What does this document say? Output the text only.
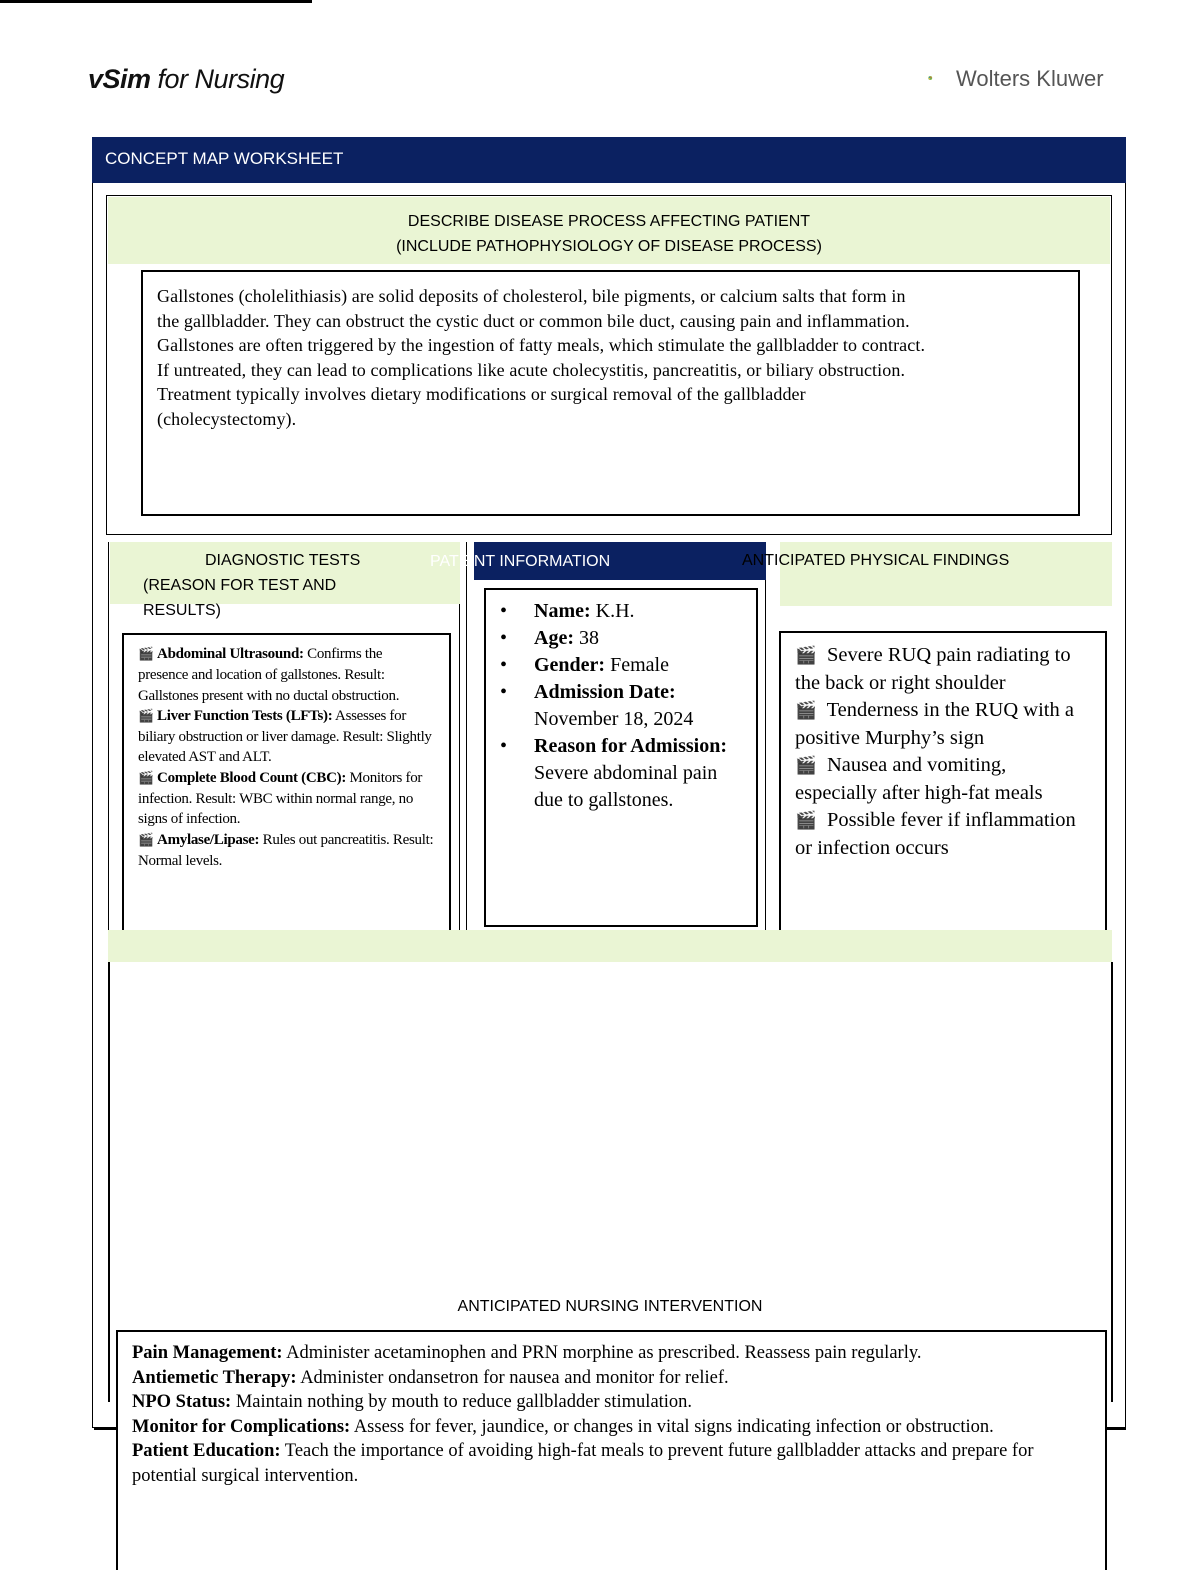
vSim for Nursing	Wolters Kluwer
CONCEPT MAP WORKSHEET
DESCRIBE DISEASE PROCESS AFFECTING PATIENT
(INCLUDE PATHOPHYSIOLOGY OF DISEASE PROCESS)
Gallstones (cholelithiasis) are solid deposits of cholesterol, bile pigments, or calcium salts that form in
the gallbladder. They can obstruct the cystic duct or common bile duct, causing pain and inflammation.
Gallstones are often triggered by the ingestion of fatty meals, which stimulate the gallbladder to contract.
If untreated, they can lead to complications like acute cholecystitis, pancreatitis, or biliary obstruction.
Treatment typically involves dietary modifications or surgical removal of the gallbladder
(cholecystectomy).
DIAGNOSTIC TESTS
(REASON FOR TEST AND
RESULTS)
🎬 Abdominal Ultrasound: Confirms the presence and location of gallstones. Result: Gallstones present with no ductal obstruction.
🎬 Liver Function Tests (LFTs): Assesses for biliary obstruction or liver damage. Result: Slightly elevated AST and ALT.
🎬 Complete Blood Count (CBC): Monitors for infection. Result: WBC within normal range, no signs of infection.
🎬 Amylase/Lipase: Rules out pancreatitis. Result: Normal levels.
PATIENT INFORMATION
• Name: K.H.
• Age: 38
• Gender: Female
• Admission Date: November 18, 2024
• Reason for Admission: Severe abdominal pain due to gallstones.
ANTICIPATED PHYSICAL FINDINGS
🎬 Severe RUQ pain radiating to the back or right shoulder
🎬 Tenderness in the RUQ with a positive Murphy’s sign
🎬 Nausea and vomiting, especially after high-fat meals
🎬 Possible fever if inflammation or infection occurs
ANTICIPATED NURSING INTERVENTION
Pain Management: Administer acetaminophen and PRN morphine as prescribed. Reassess pain regularly.
Antiemetic Therapy: Administer ondansetron for nausea and monitor for relief.
NPO Status: Maintain nothing by mouth to reduce gallbladder stimulation.
Monitor for Complications: Assess for fever, jaundice, or changes in vital signs indicating infection or obstruction.
Patient Education: Teach the importance of avoiding high-fat meals to prevent future gallbladder attacks and prepare for potential surgical intervention.
